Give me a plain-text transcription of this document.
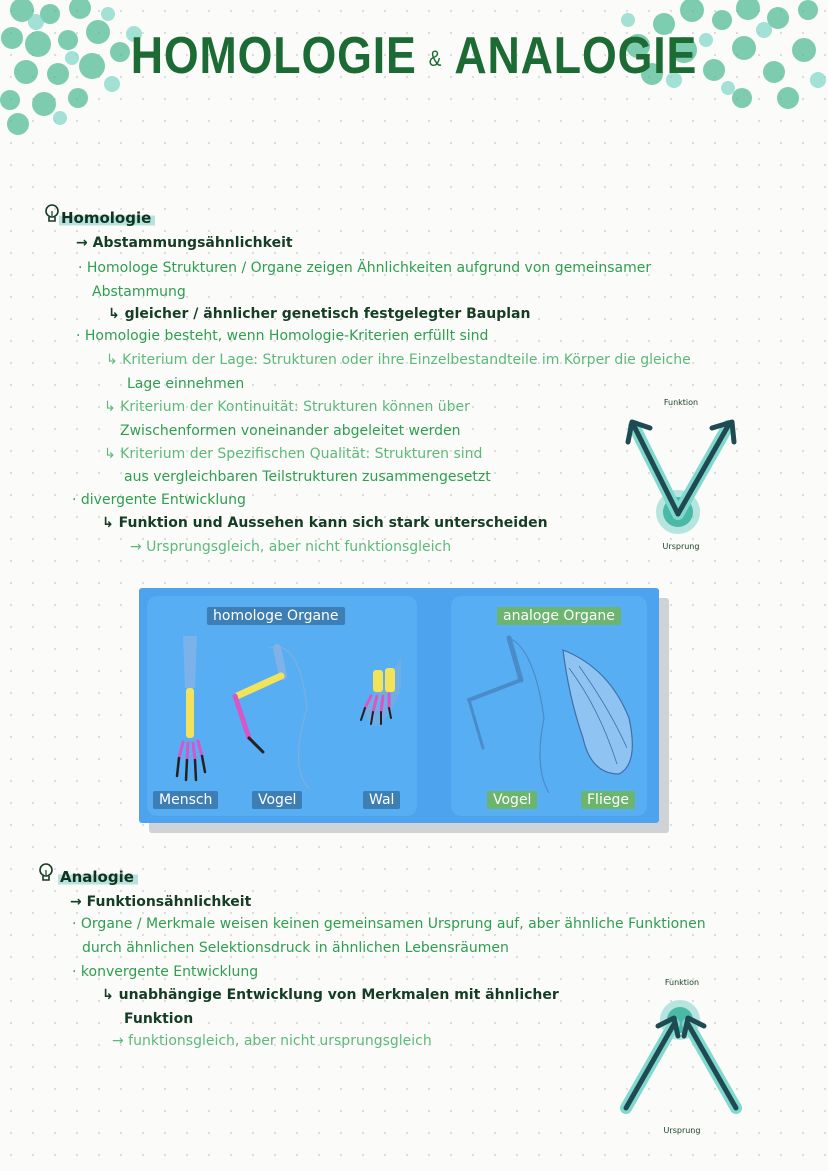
HOMOLOGIE & ANALOGIE
Homologie
→ Abstammungsähnlichkeit
· Homologe Strukturen / Organe zeigen Ähnlichkeiten aufgrund von gemeinsamer
Abstammung
↳ gleicher / ähnlicher genetisch festgelegter Bauplan
· Homologie besteht, wenn Homologie-Kriterien erfüllt sind
↳ Kriterium der Lage: Strukturen oder ihre Einzelbestandteile im Körper die gleiche
Lage einnehmen
↳ Kriterium der Kontinuität: Strukturen können über
Zwischenformen voneinander abgeleitet werden
↳ Kriterium der Spezifischen Qualität: Strukturen sind
aus vergleichbaren Teilstrukturen zusammengesetzt
· divergente Entwicklung
↳ Funktion und Aussehen kann sich stark unterscheiden
→ Ursprungsgleich, aber nicht funktionsgleich
Funktion
Ursprung
homologe Organe	analoge Organe
Mensch	Vogel	Wal	Vogel	Fliege
Analogie
→ Funktionsähnlichkeit
· Organe / Merkmale weisen keinen gemeinsamen Ursprung auf, aber ähnliche Funktionen
durch ähnlichen Selektionsdruck in ähnlichen Lebensräumen
· konvergente Entwicklung
↳ unabhängige Entwicklung von Merkmalen mit ähnlicher
Funktion
→ funktionsgleich, aber nicht ursprungsgleich
Funktion
Ursprung
